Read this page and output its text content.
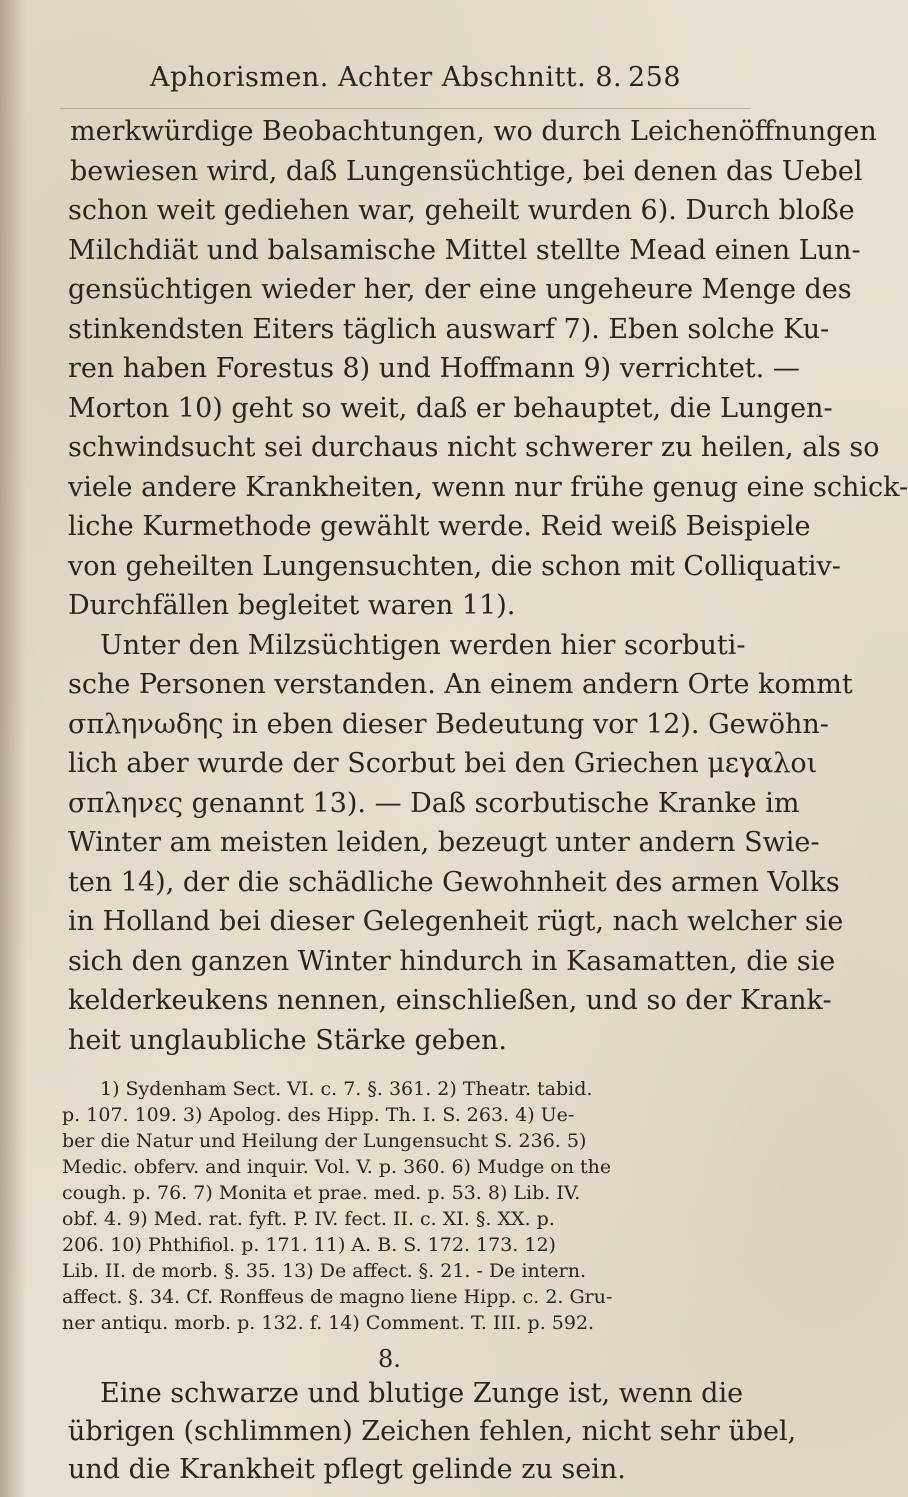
Aphorismen. Achter Abschnitt. 8. 258
merkwürdige Beobachtungen, wo durch Leichenöffnungen
bewiesen wird, daß Lungensüchtige, bei denen das Uebel
schon weit gediehen war, geheilt wurden 6). Durch bloße
Milchdiät und balsamische Mittel stellte Mead einen Lun-
gensüchtigen wieder her, der eine ungeheure Menge des
stinkendsten Eiters täglich auswarf 7). Eben solche Ku-
ren haben Forestus 8) und Hoffmann 9) verrichtet. —
Morton 10) geht so weit, daß er behauptet, die Lungen-
schwindsucht sei durchaus nicht schwerer zu heilen, als so
viele andere Krankheiten, wenn nur frühe genug eine schick-
liche Kurmethode gewählt werde. Reid weiß Beispiele
von geheilten Lungensuchten, die schon mit Colliquativ-
Durchfällen begleitet waren 11).
Unter den Milzsüchtigen werden hier scorbuti-
sche Personen verstanden. An einem andern Orte kommt
σπληνωδης in eben dieser Bedeutung vor 12). Gewöhn-
lich aber wurde der Scorbut bei den Griechen μεγαλοι
σπληνες genannt 13). — Daß scorbutische Kranke im
Winter am meisten leiden, bezeugt unter andern Swie-
ten 14), der die schädliche Gewohnheit des armen Volks
in Holland bei dieser Gelegenheit rügt, nach welcher sie
sich den ganzen Winter hindurch in Kasamatten, die sie
kelderkeukens nennen, einschließen, und so der Krank-
heit unglaubliche Stärke geben.
1) Sydenham Sect. VI. c. 7. §. 361. 2) Theatr. tabid.
p. 107. 109. 3) Apolog. des Hipp. Th. I. S. 263. 4) Ue-
ber die Natur und Heilung der Lungensucht S. 236. 5)
Medic. obferv. and inquir. Vol. V. p. 360. 6) Mudge on the
cough. p. 76. 7) Monita et prae. med. p. 53. 8) Lib. IV.
obf. 4. 9) Med. rat. fyft. P. IV. fect. II. c. XI. §. XX. p.
206. 10) Phthifiol. p. 171. 11) A. B. S. 172. 173. 12)
Lib. II. de morb. §. 35. 13) De affect. §. 21. - De intern.
affect. §. 34. Cf. Ronffeus de magno liene Hipp. c. 2. Gru-
ner antiqu. morb. p. 132. f. 14) Comment. T. III. p. 592.
8.
Eine schwarze und blutige Zunge ist, wenn die
übrigen (schlimmen) Zeichen fehlen, nicht sehr übel,
und die Krankheit pflegt gelinde zu sein.
